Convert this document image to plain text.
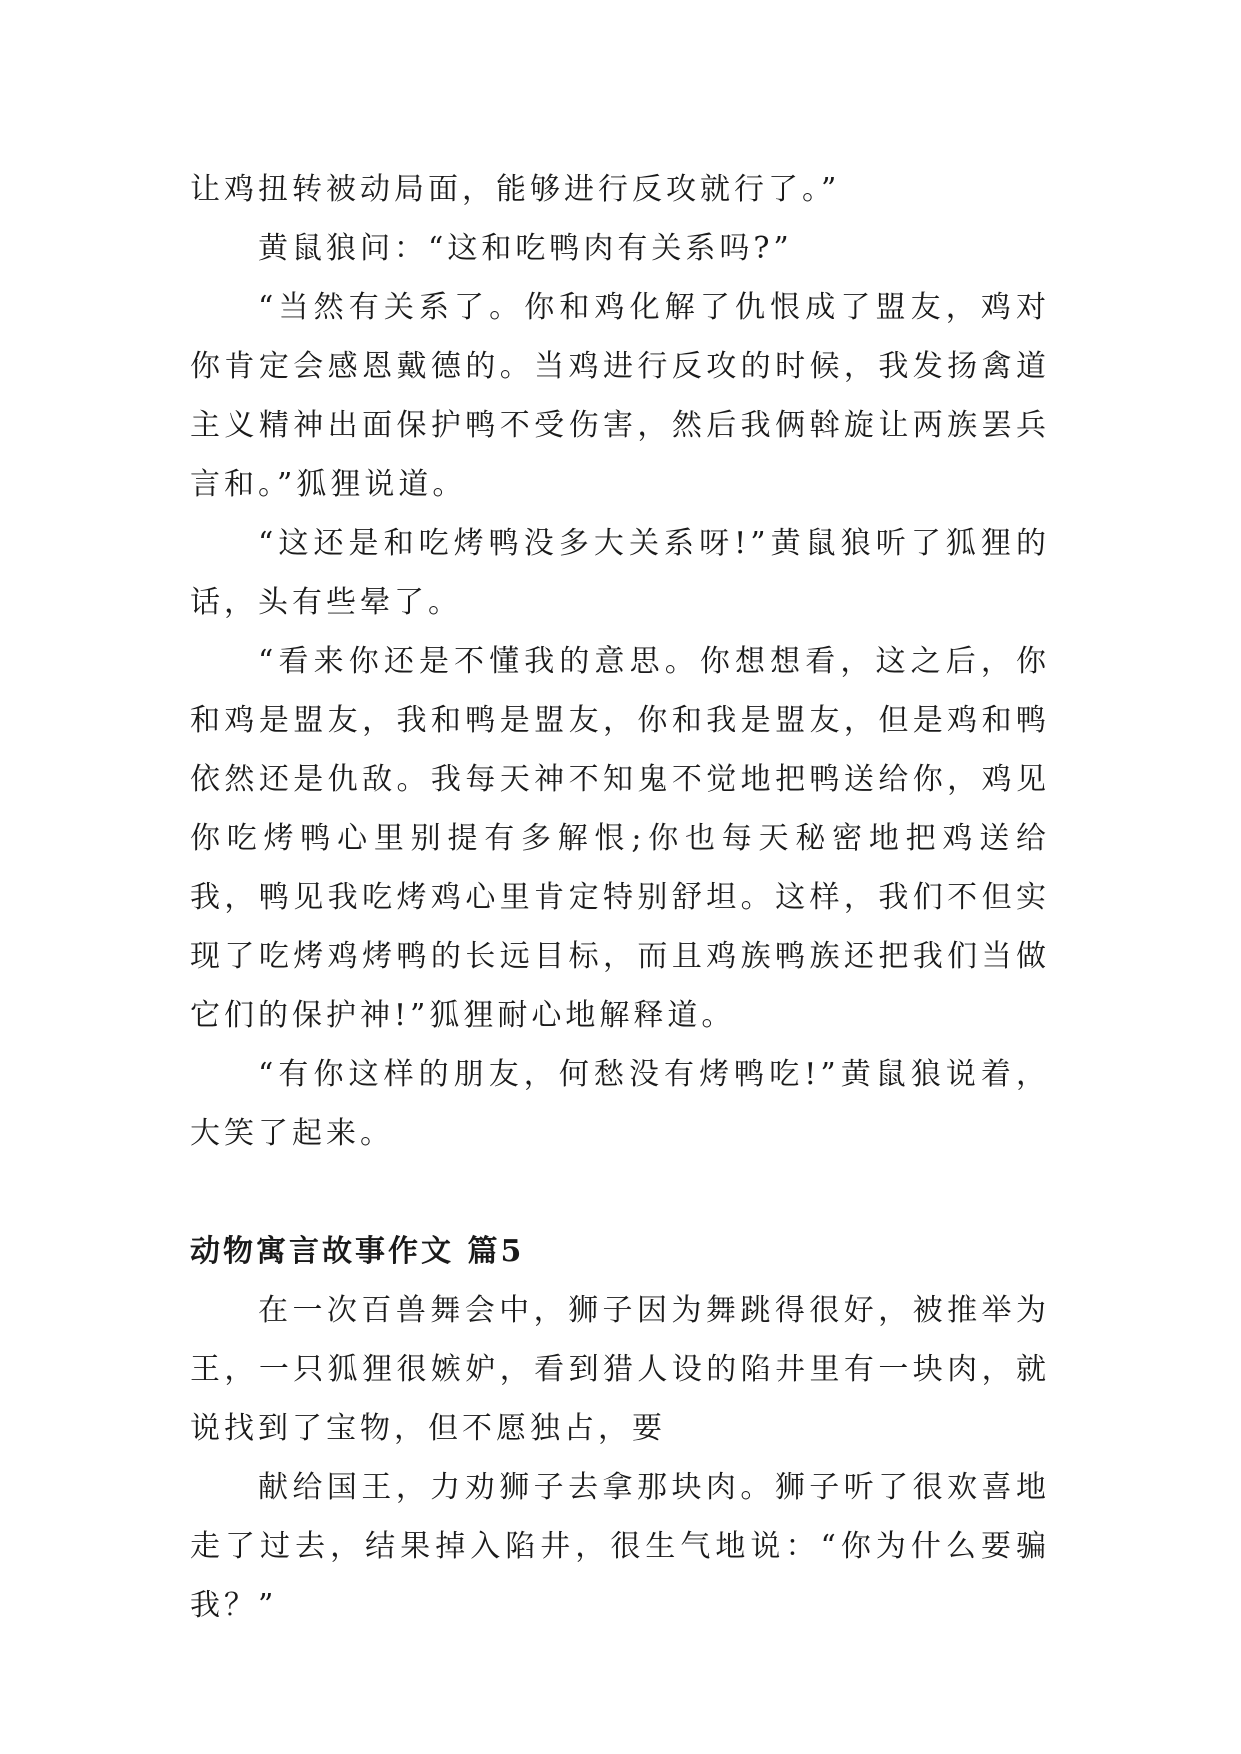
让鸡扭转被动局面，能够进行反攻就行了。”

黄鼠狼问：“这和吃鸭肉有关系吗?”

“当然有关系了。你和鸡化解了仇恨成了盟友，鸡对你肯定会感恩戴德的。当鸡进行反攻的时候，我发扬禽道主义精神出面保护鸭不受伤害，然后我俩斡旋让两族罢兵言和。”狐狸说道。

“这还是和吃烤鸭没多大关系呀!”黄鼠狼听了狐狸的话，头有些晕了。

“看来你还是不懂我的意思。你想想看，这之后，你和鸡是盟友，我和鸭是盟友，你和我是盟友，但是鸡和鸭依然还是仇敌。我每天神不知鬼不觉地把鸭送给你，鸡见你吃烤鸭心里别提有多解恨;你也每天秘密地把鸡送给我，鸭见我吃烤鸡心里肯定特别舒坦。这样，我们不但实现了吃烤鸡烤鸭的长远目标，而且鸡族鸭族还把我们当做它们的保护神!”狐狸耐心地解释道。

“有你这样的朋友，何愁没有烤鸭吃!”黄鼠狼说着，大笑了起来。

动物寓言故事作文 篇5

在一次百兽舞会中，狮子因为舞跳得很好，被推举为王，一只狐狸很嫉妒，看到猎人设的陷井里有一块肉，就说找到了宝物，但不愿独占，要

献给国王，力劝狮子去拿那块肉。狮子听了很欢喜地走了过去，结果掉入陷井，很生气地说：“你为什么要骗我？”
